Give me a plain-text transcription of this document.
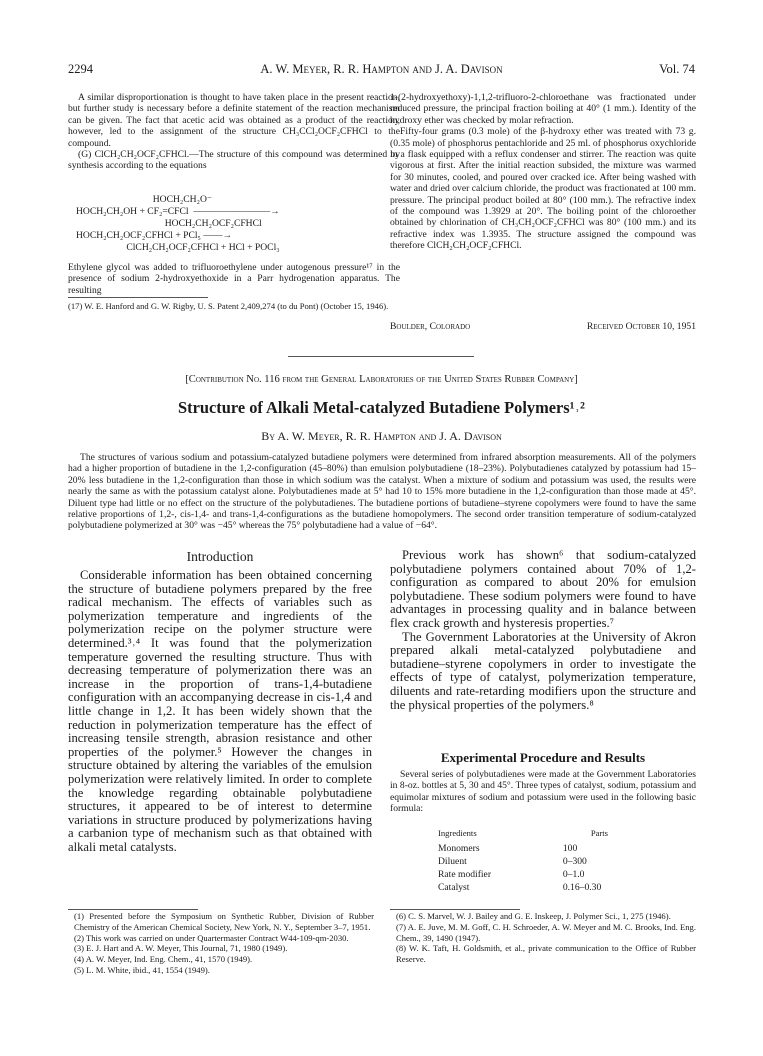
2294	A. W. Meyer, R. R. Hampton and J. A. Davison	Vol. 74

A similar disproportionation is thought to have taken place in the present reaction, but further study is necessary before a definite statement of the reaction mechanism can be given. The fact that acetic acid was obtained as a product of the reaction, however, led to the assignment of the structure CH₃CCl₂OCF₂CFHCl to the compound.

(G) ClCH₂CH₂OCF₂CFHCl.—The structure of this compound was determined by synthesis according to the equations

HOCH₂CH₂O⁻
HOCH₂CH₂OH + CF₂=CFCl  ————————→
HOCH₂CH₂OCF₂CFHCl
HOCH₂CH₂OCF₂CFHCl + PCl₅ ——→
ClCH₂CH₂OCF₂CFHCl + HCl + POCl₃
Ethylene glycol was added to trifluoroethylene under autogenous pressure¹⁷ in the presence of sodium 2-hydroxyethoxide in a Parr hydrogenation apparatus. The resulting
(17) W. E. Hanford and G. W. Rigby, U. S. Patent 2,409,274 (to du Pont) (October 15, 1946).

1-(2-hydroxyethoxy)-1,1,2-trifluoro-2-chloroethane was fractionated under reduced pressure, the principal fraction boiling at 40° (1 mm.). Identity of the hydroxy ether was checked by molar refraction.

Fifty-four grams (0.3 mole) of the β-hydroxy ether was treated with 73 g. (0.35 mole) of phosphorus pentachloride and 25 ml. of phosphorus oxychloride in a flask equipped with a reflux condenser and stirrer. The reaction was quite vigorous at first. After the initial reaction subsided, the mixture was warmed for 30 minutes, cooled, and poured over cracked ice. After being washed with water and dried over calcium chloride, the product was fractionated at 100 mm. pressure. The principal product boiled at 80° (100 mm.). The refractive index of the compound was 1.3929 at 20°. The boiling point of the chloroether obtained by chlorination of CH₃CH₂OCF₂CFHCl was 80° (100 mm.) and its refractive index was 1.3935. The structure assigned the compound was therefore ClCH₂CH₂OCF₂CFHCl.

Boulder, Colorado	Received October 10, 1951
[Contribution No. 116 from the General Laboratories of the United States Rubber Company]
Structure of Alkali Metal-catalyzed Butadiene Polymers¹˒²
By A. W. Meyer, R. R. Hampton and J. A. Davison
The structures of various sodium and potassium-catalyzed butadiene polymers were determined from infrared absorption measurements. All of the polymers had a higher proportion of butadiene in the 1,2-configuration (45–80%) than emulsion polybutadiene (18–23%). Polybutadienes catalyzed by potassium had 15–20% less butadiene in the 1,2-configuration than those in which sodium was the catalyst. When a mixture of sodium and potassium was used, the results were nearly the same as with the potassium catalyst alone. Polybutadienes made at 5° had 10 to 15% more butadiene in the 1,2-configuration than those made at 45°. Diluent type had little or no effect on the structure of the polybutadienes. The butadiene portions of butadiene–styrene copolymers were found to have the same relative proportions of 1,2-, cis-1,4- and trans-1,4-configurations as the butadiene homopolymers. The second order transition temperature of sodium-catalyzed polybutadiene polymerized at 30° was −45° whereas the 75° polybutadiene had a value of −64°.
Introduction

Considerable information has been obtained concerning the structure of butadiene polymers prepared by the free radical mechanism. The effects of variables such as polymerization temperature and ingredients of the polymerization recipe on the polymer structure were determined.³˒⁴ It was found that the polymerization temperature governed the resulting structure. Thus with decreasing temperature of polymerization there was an increase in the proportion of trans-1,4-butadiene configuration with an accompanying decrease in cis-1,4 and little change in 1,2. It has been widely shown that the reduction in polymerization temperature has the effect of increasing tensile strength, abrasion resistance and other properties of the polymer.⁵ However the changes in structure obtained by altering the variables of the emulsion polymerization were relatively limited. In order to complete the knowledge regarding obtainable polybutadiene structures, it appeared to be of interest to determine variations in structure produced by polymerizations having a carbanion type of mechanism such as that obtained with alkali metal catalysts.

(1) Presented before the Symposium on Synthetic Rubber, Division of Rubber Chemistry of the American Chemical Society, New York, N. Y., September 3–7, 1951.

(2) This work was carried on under Quartermaster Contract W44-109-qm-2030.

(3) E. J. Hart and A. W. Meyer, This Journal, 71, 1980 (1949).

(4) A. W. Meyer, Ind. Eng. Chem., 41, 1570 (1949).

(5) L. M. White, ibid., 41, 1554 (1949).

Previous work has shown⁶ that sodium-catalyzed polybutadiene polymers contained about 70% of 1,2-configuration as compared to about 20% for emulsion polybutadiene. These sodium polymers were found to have advantages in processing quality and in balance between flex crack growth and hysteresis properties.⁷

The Government Laboratories at the University of Akron prepared alkali metal-catalyzed polybutadiene and butadiene–styrene copolymers in order to investigate the effects of type of catalyst, polymerization temperature, diluents and rate-retarding modifiers upon the structure and the physical properties of the polymers.⁸

Experimental Procedure and Results
Several series of polybutadienes were made at the Government Laboratories in 8-oz. bottles at 5, 30 and 45°. Three types of catalyst, sodium, potassium and equimolar mixtures of sodium and potassium were used in the following basic formula:
Ingredients	Parts
Monomers	100
Diluent	0–300
Rate modifier	0–1.0
Catalyst	0.16–0.30

(6) C. S. Marvel, W. J. Bailey and G. E. Inskeep, J. Polymer Sci., 1, 275 (1946).

(7) A. E. Juve, M. M. Goff, C. H. Schroeder, A. W. Meyer and M. C. Brooks, Ind. Eng. Chem., 39, 1490 (1947).

(8) W. K. Taft, H. Goldsmith, et al., private communication to the Office of Rubber Reserve.
